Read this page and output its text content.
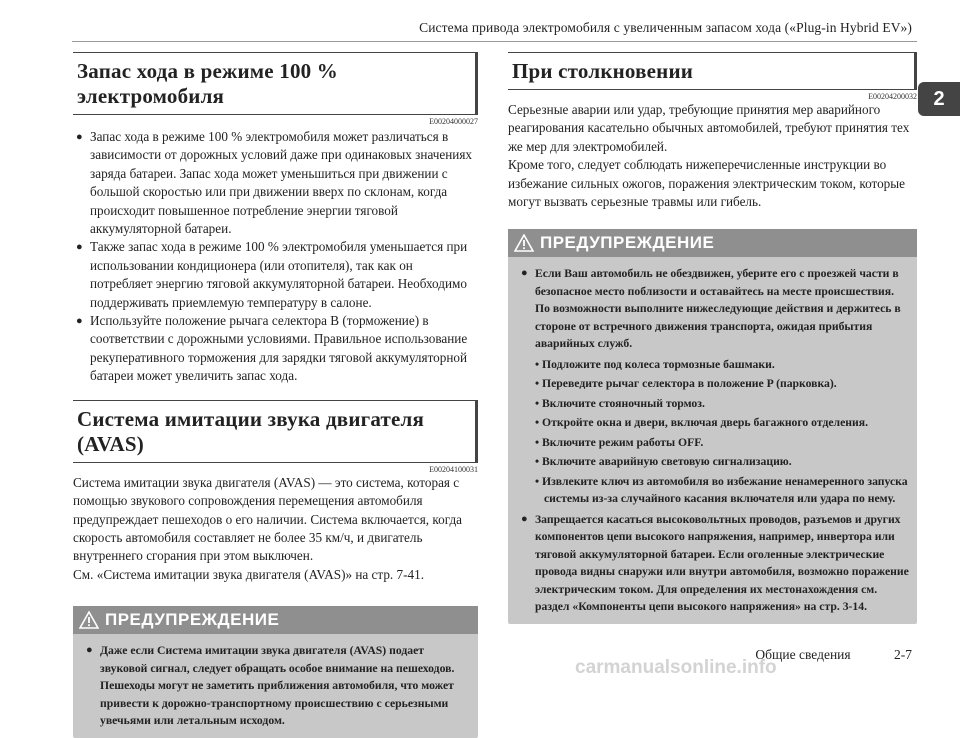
Система привода электромобиля с увеличенным запасом хода («Plug-in Hybrid EV»)
2
Запас хода в режиме 100 % электромобиля
E00204000027
● Запас хода в режиме 100 % электромобиля может различаться в зависимости от дорожных условий даже при одинаковых значениях заряда батареи. Запас хода может уменьшиться при движении с большой скоростью или при движении вверх по склонам, когда происходит повышенное потребление энергии тяговой аккумуляторной батареи.
● Также запас хода в режиме 100 % электромобиля уменьшается при использовании кондиционера (или отопителя), так как он потребляет энергию тяговой аккумуляторной батареи. Необходимо поддерживать приемлемую температуру в салоне.
● Используйте положение рычага селектора B (торможение) в соответствии с дорожными условиями. Правильное использование рекуперативного торможения для зарядки тяговой аккумуляторной батареи может увеличить запас хода.
Система имитации звука двигателя (AVAS)
E00204100031

Система имитации звука двигателя (AVAS) — это система, которая с помощью звукового сопровождения перемещения автомобиля предупреждает пешеходов о его наличии. Система включается, когда скорость автомобиля составляет не более 35 км/ч, и двигатель внутреннего сгорания при этом выключен.

См. «Система имитации звука двигателя (AVAS)» на стр. 7-41.

ПРЕДУПРЕЖДЕНИЕ
● Даже если Система имитации звука двигателя (AVAS) подает звуковой сигнал, следует обращать особое внимание на пешеходов.

Пешеходы могут не заметить приближения автомобиля, что может привести к дорожно-транспортному происшествию с серьезными увечьями или летальным исходом.

При столкновении
E00204200032

Серьезные аварии или удар, требующие принятия мер аварийного реагирования касательно обычных автомобилей, требуют принятия тех же мер для электромобилей.

Кроме того, следует соблюдать нижеперечисленные инструкции во избежание сильных ожогов, поражения электрическим током, которые могут вызвать серьезные травмы или гибель.

ПРЕДУПРЕЖДЕНИЕ
● Если Ваш автомобиль не обездвижен, уберите его с проезжей части в безопасное место поблизости и оставайтесь на месте происшествия.

По возможности выполните нижеследующие действия и держитесь в стороне от встречного движения транспорта, ожидая прибытия аварийных служб.

• Подложите под колеса тормозные башмаки.

• Переведите рычаг селектора в положение P (парковка).

• Включите стояночный тормоз.

• Откройте окна и двери, включая дверь багажного отделения.

• Включите режим работы OFF.

• Включите аварийную световую сигнализацию.

• Извлеките ключ из автомобиля во избежание ненамеренного запуска системы из-за случайного касания включателя или удара по нему.

● Запрещается касаться высоковольтных проводов, разъемов и других компонентов цепи высокого напряжения, например, инвертора или тяговой аккумуляторной батареи. Если оголенные электрические провода видны снаружи или внутри автомобиля, возможно поражение электрическим током. Для определения их местонахождения см. раздел «Компоненты цепи высокого напряжения» на стр. 3-14.
Общие сведения	2-7
carmanualsonline.info
